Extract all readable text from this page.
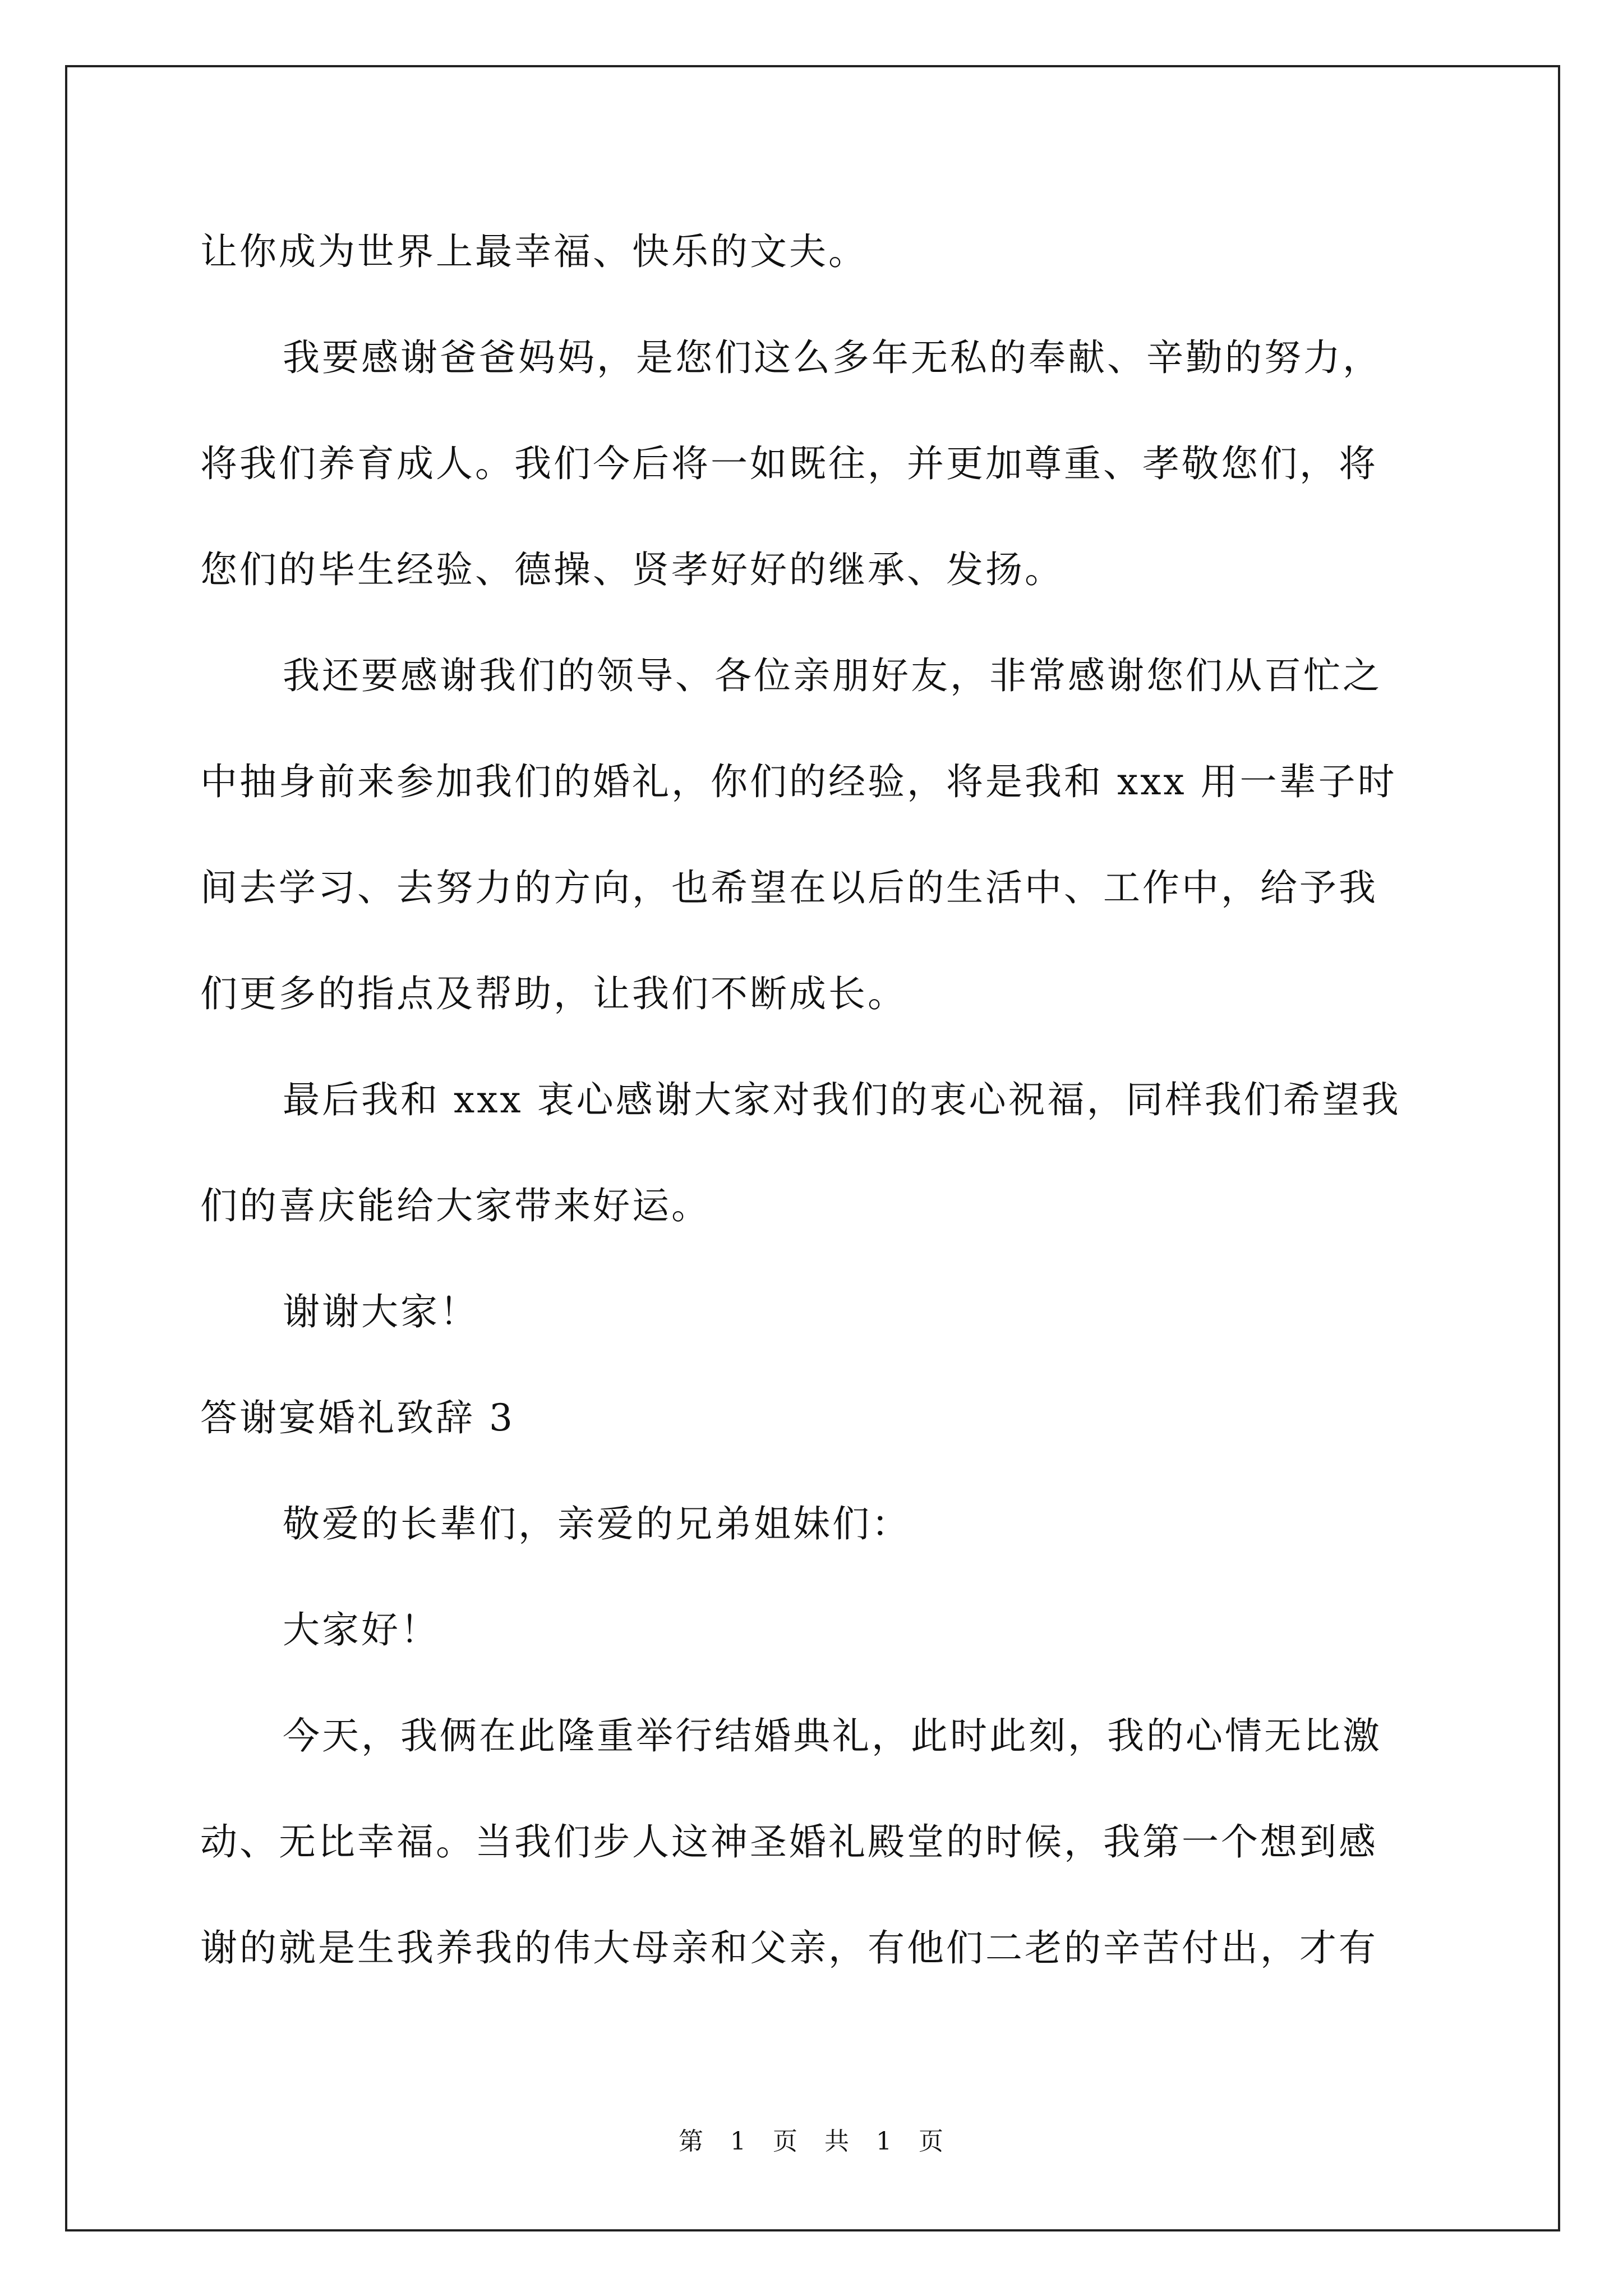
让你成为世界上最幸福、快乐的文夫。
我要感谢爸爸妈妈，是您们这么多年无私的奉献、辛勤的努力，
将我们养育成人。我们今后将一如既往，并更加尊重、孝敬您们，将
您们的毕生经验、德操、贤孝好好的继承、发扬。
我还要感谢我们的领导、各位亲朋好友，非常感谢您们从百忙之
中抽身前来参加我们的婚礼，你们的经验，将是我和 xxx 用一辈子时
间去学习、去努力的方向，也希望在以后的生活中、工作中，给予我
们更多的指点及帮助，让我们不断成长。
最后我和 xxx 衷心感谢大家对我们的衷心祝福，同样我们希望我
们的喜庆能给大家带来好运。
谢谢大家！
答谢宴婚礼致辞 3
敬爱的长辈们，亲爱的兄弟姐妹们：
大家好！
今天，我俩在此隆重举行结婚典礼，此时此刻，我的心情无比激
动、无比幸福。当我们步人这神圣婚礼殿堂的时候，我第一个想到感
谢的就是生我养我的伟大母亲和父亲，有他们二老的辛苦付出，才有
第 1 页 共 1 页
